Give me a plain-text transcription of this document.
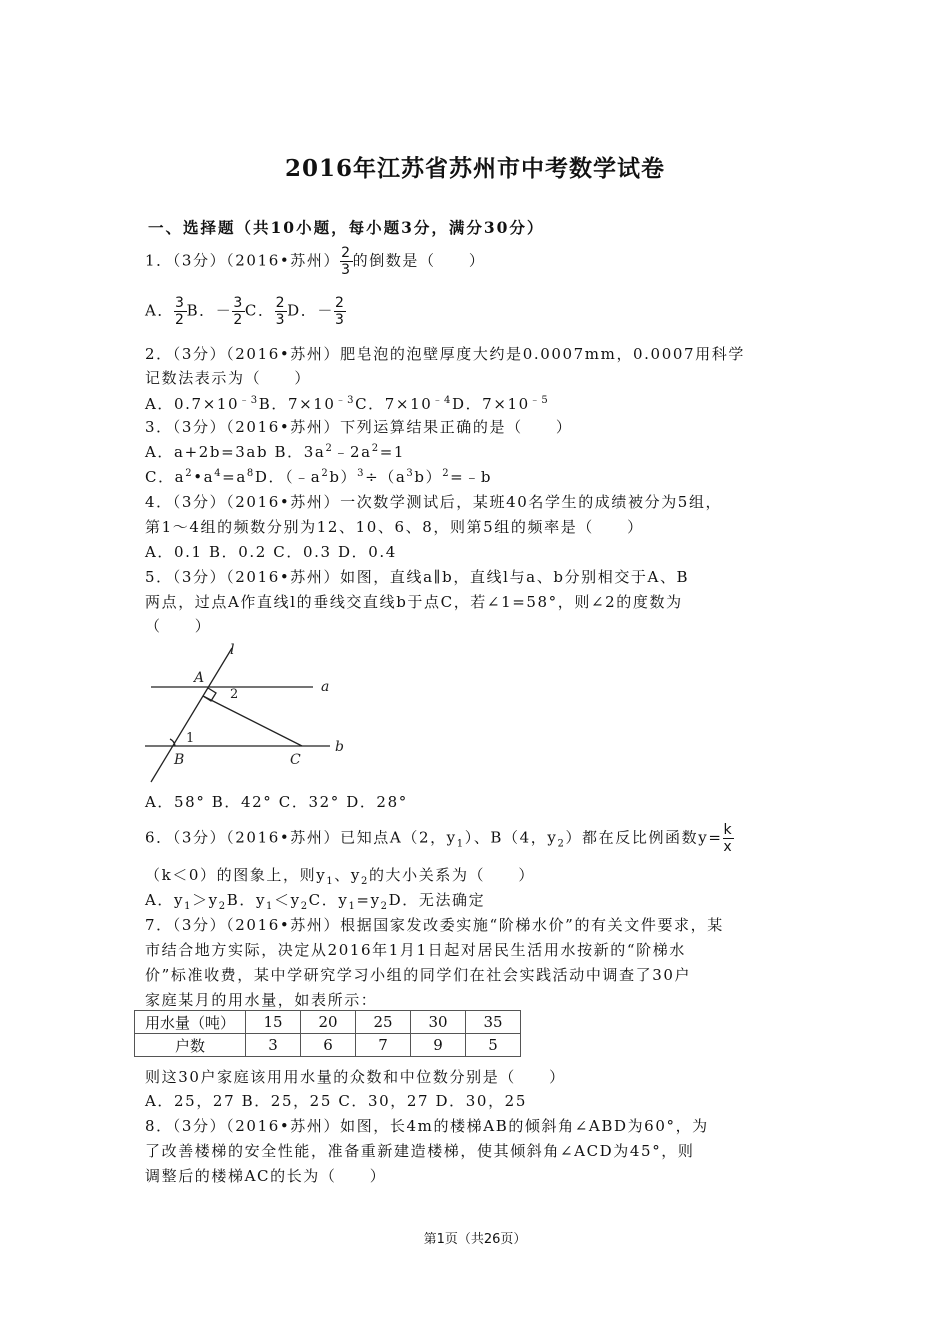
2016年江苏省苏州市中考数学试卷
一、选择题（共10小题，每小题3分，满分30分）
1．（3分）（2016•苏州） $\frac{2}{3}$ 的倒数是（　　）
A． $\frac{3}{2}$ B．－ $\frac{3}{2}$ C． $\frac{2}{3}$ D．－ $\frac{2}{3}$
2．（3分）（2016•苏州）肥皂泡的泡壁厚度大约是0.0007mm，0.0007用科学
记数法表示为（　　）
A．$0.7\times 10^{﹣3}B$．$7\times 10^{﹣3}C$．$7\times 10^{﹣4}D$．$7\times 10^{﹣5}$
3．（3分）（2016•苏州）下列运算结果正确的是（　　）
A．a+2b=3ab B．$3a^2﹣2a^2=1$
C．$a^2•a^4=a^8D$．$(﹣a^2b)^3\div(a^3b)^2=﹣b$
4．（3分）（2016•苏州）一次数学测试后，某班40名学生的成绩被分为5组，
第1～4组的频数分别为12、10、6、8，则第5组的频率是（　　）
A．0.1 B．0.2 C．0.3 D．0.4
5．（3分）（2016•苏州）如图，直线a∥b，直线l与a、b分别相交于A、B
两点，过点A作直线l的垂线交直线b于点C，若∠1=58°，则∠2的度数为
（　　）
l
A
a
b
B	C
1
2
A．58° B．42° C．32° D．28°
6．（3分）（2016•苏州）已知点A（2，$y_1$）、B（4，$y_2$）都在反比例函数$y= \frac{k}{x}$
（k＜0）的图象上，则$y_1$、$y_2$的大小关系为（　　）
A．$y_1>y_2B$．$y_1<y_2C$．$y_1=y_2D$．无法确定
7．（3分）（2016•苏州）根据国家发改委实施“阶梯水价”的有关文件要求，某
市结合地方实际，决定从2016年1月1日起对居民生活用水按新的“阶梯水
价”标准收费，某中学研究学习小组的同学们在社会实践活动中调查了30户
家庭某月的用水量，如表所示：
用水量（吨）	15	20	25	30	35
户数	3	6	7	9	5
则这30户家庭该用用水量的众数和中位数分别是（　　）
A．25，27 B．25，25 C．30，27 D．30，25
8．（3分）（2016•苏州）如图，长4m的楼梯AB的倾斜角∠ABD为60°，为
了改善楼梯的安全性能，准备重新建造楼梯，使其倾斜角∠ACD为45°，则
调整后的楼梯AC的长为（　　）
第1页（共26页）
